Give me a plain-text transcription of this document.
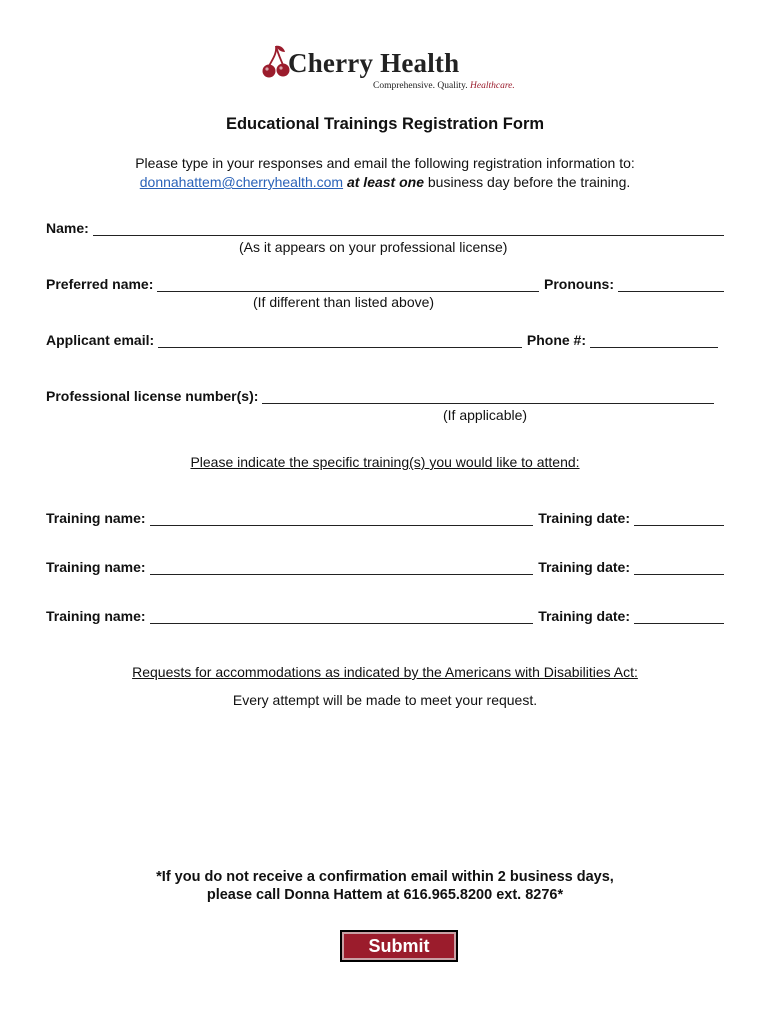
Cherry Health
Comprehensive. Quality. Healthcare.
Educational Trainings Registration Form
Please type in your responses and email the following registration information to:
donnahattem@cherryhealth.com at least one business day before the training.
Name:
(As it appears on your professional license)
Preferred name:	Pronouns:
(If different than listed above)
Applicant email:	Phone #:
Professional license number(s):
(If applicable)
Please indicate the specific training(s) you would like to attend:
Training name:	Training date:
Training name:	Training date:
Training name:	Training date:
Requests for accommodations as indicated by the Americans with Disabilities Act:
Every attempt will be made to meet your request.
*If you do not receive a confirmation email within 2 business days,
please call Donna Hattem at 616.965.8200 ext. 8276*
Submit
